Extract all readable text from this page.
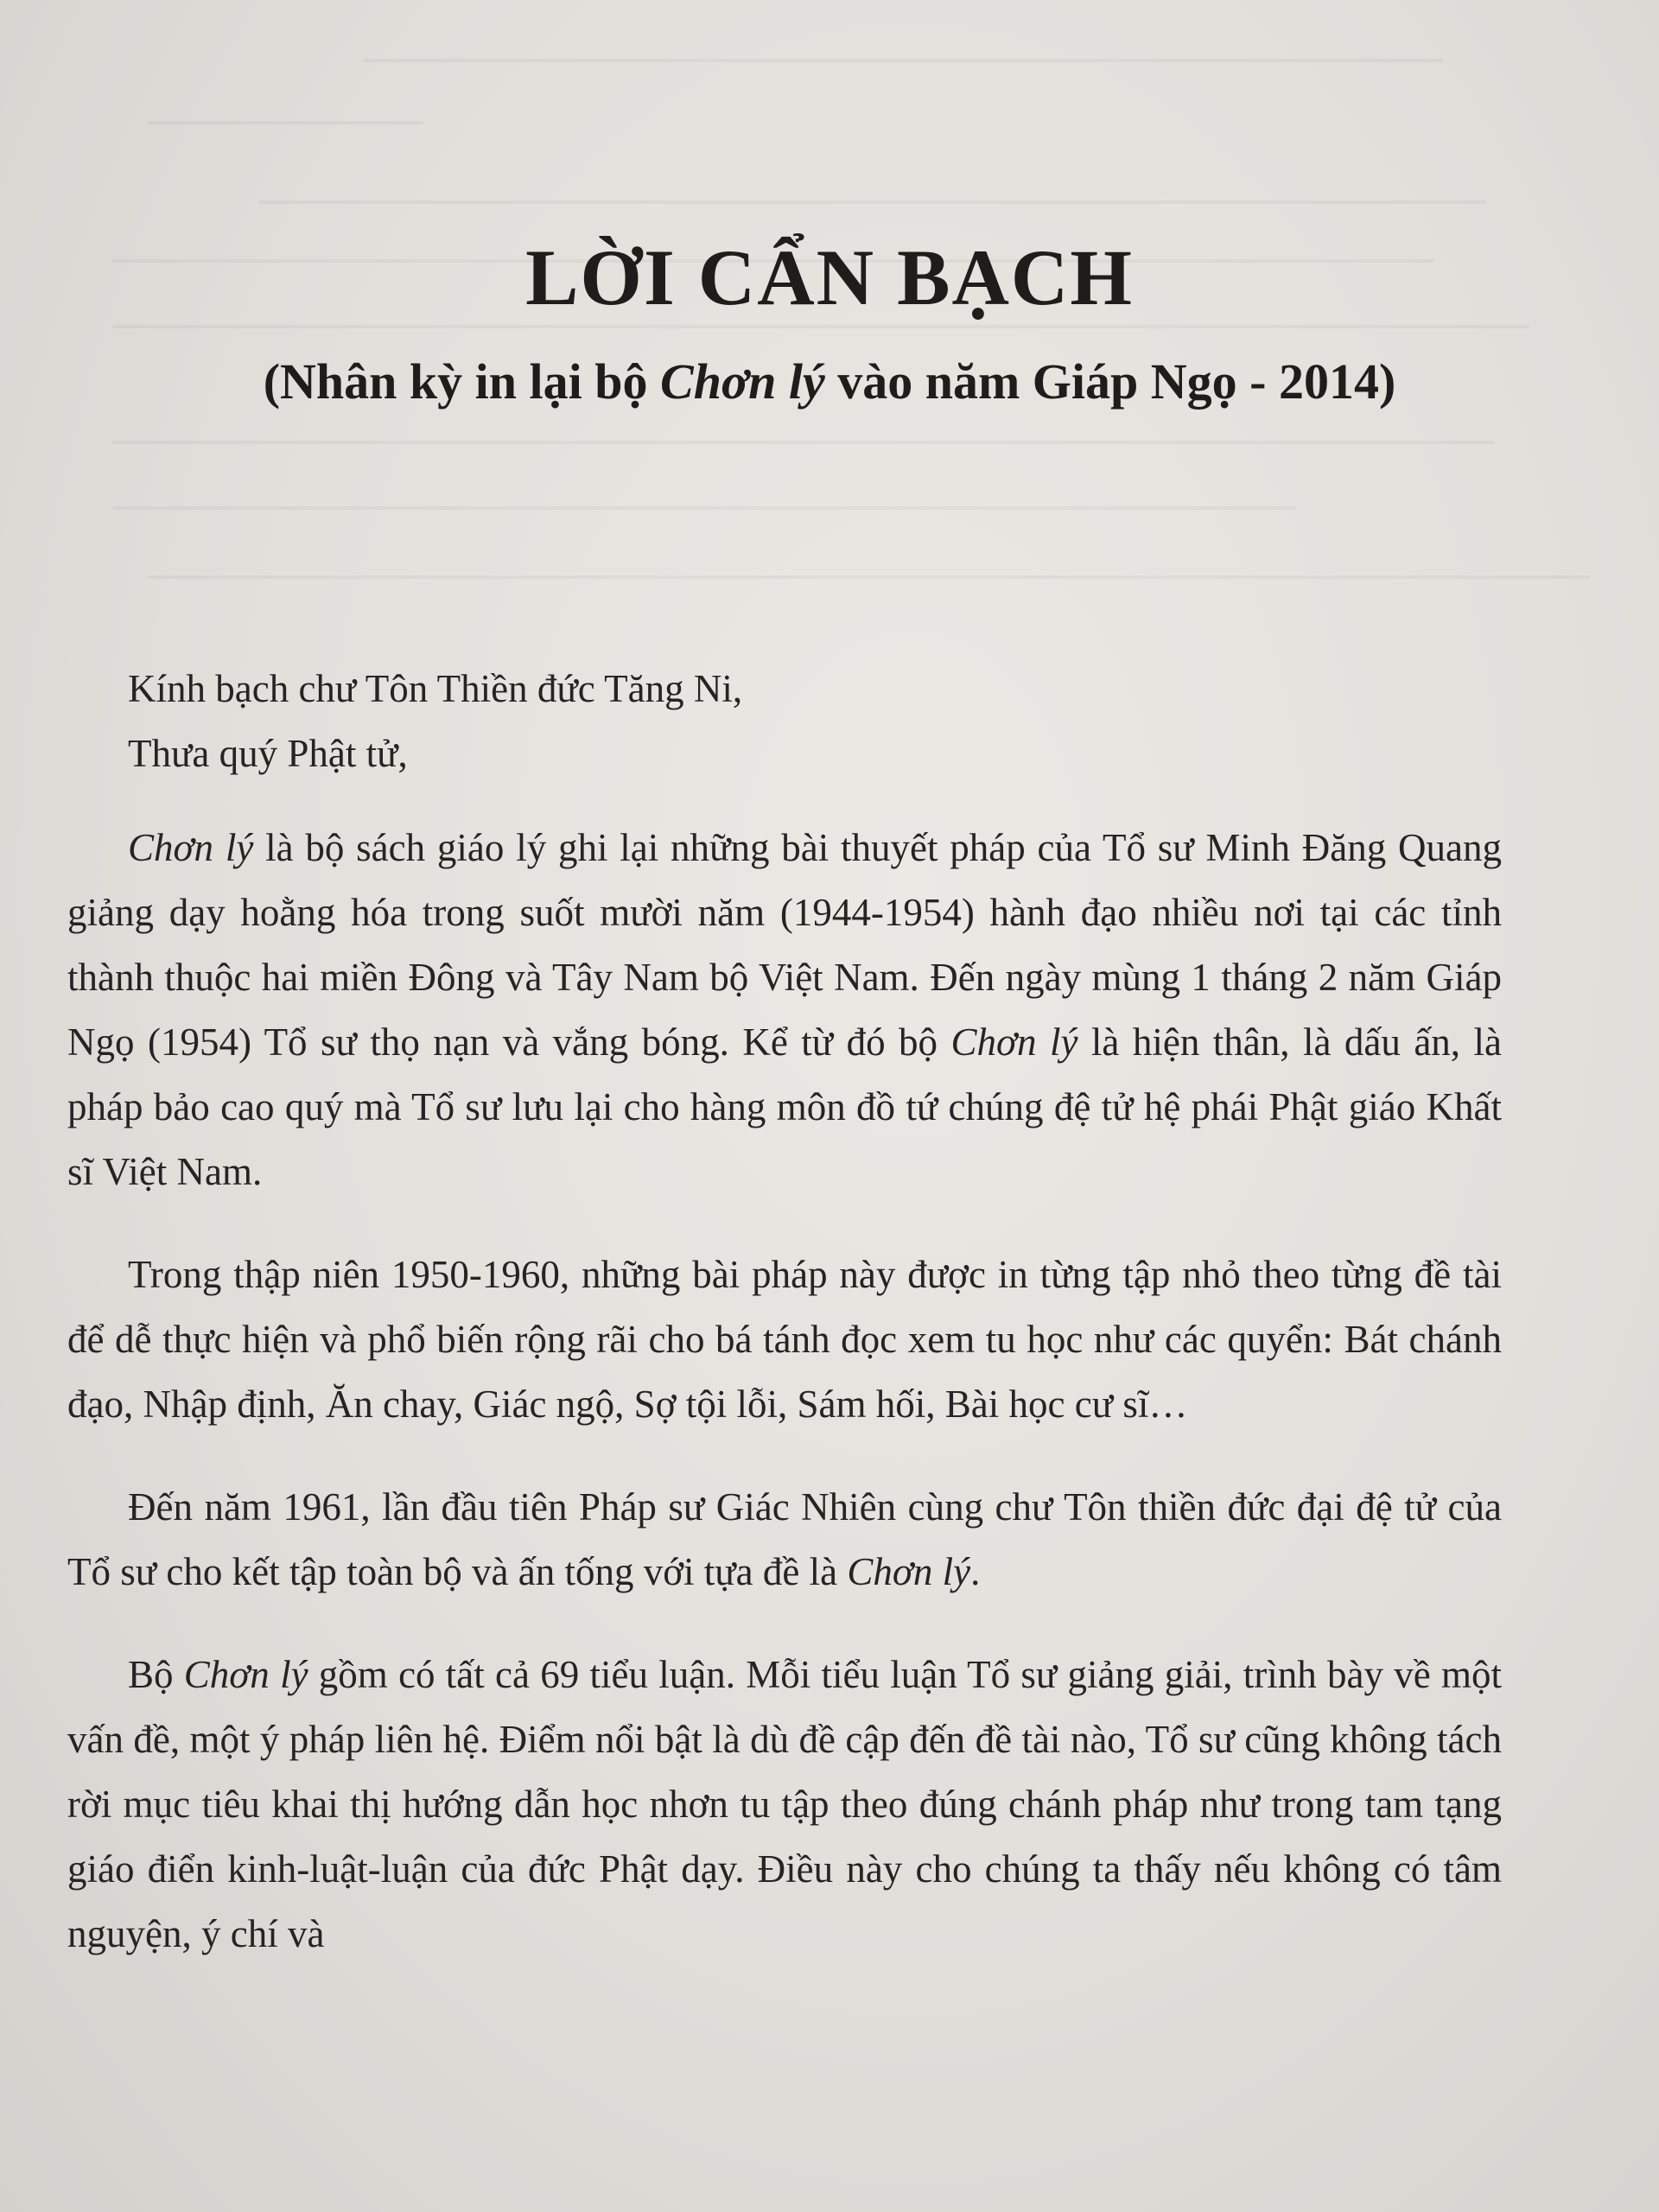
LỜI CẨN BẠCH
(Nhân kỳ in lại bộ Chơn lý vào năm Giáp Ngọ - 2014)

Kính bạch chư Tôn Thiền đức Tăng Ni,

Thưa quý Phật tử,

Chơn lý là bộ sách giáo lý ghi lại những bài thuyết pháp của Tổ sư Minh Đăng Quang giảng dạy hoằng hóa trong suốt mười năm (1944-1954) hành đạo nhiều nơi tại các tỉnh thành thuộc hai miền Đông và Tây Nam bộ Việt Nam. Đến ngày mùng 1 tháng 2 năm Giáp Ngọ (1954) Tổ sư thọ nạn và vắng bóng. Kể từ đó bộ Chơn lý là hiện thân, là dấu ấn, là pháp bảo cao quý mà Tổ sư lưu lại cho hàng môn đồ tứ chúng đệ tử hệ phái Phật giáo Khất sĩ Việt Nam.

Trong thập niên 1950-1960, những bài pháp này được in từng tập nhỏ theo từng đề tài để dễ thực hiện và phổ biến rộng rãi cho bá tánh đọc xem tu học như các quyển: Bát chánh đạo, Nhập định, Ăn chay, Giác ngộ, Sợ tội lỗi, Sám hối, Bài học cư sĩ…

Đến năm 1961, lần đầu tiên Pháp sư Giác Nhiên cùng chư Tôn thiền đức đại đệ tử của Tổ sư cho kết tập toàn bộ và ấn tống với tựa đề là Chơn lý.

Bộ Chơn lý gồm có tất cả 69 tiểu luận. Mỗi tiểu luận Tổ sư giảng giải, trình bày về một vấn đề, một ý pháp liên hệ. Điểm nổi bật là dù đề cập đến đề tài nào, Tổ sư cũng không tách rời mục tiêu khai thị hướng dẫn học nhơn tu tập theo đúng chánh pháp như trong tam tạng giáo điển kinh-luật-luận của đức Phật dạy. Điều này cho chúng ta thấy nếu không có tâm nguyện, ý chí và
